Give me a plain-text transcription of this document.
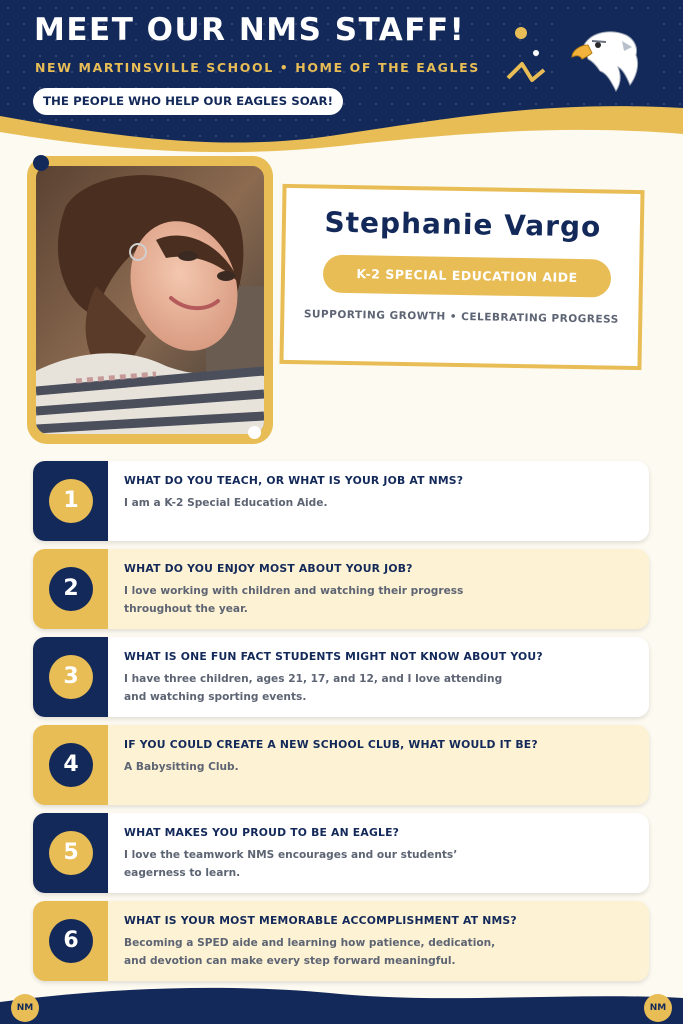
MEET OUR NMS STAFF!
NEW MARTINSVILLE SCHOOL • HOME OF THE EAGLES
THE PEOPLE WHO HELP OUR EAGLES SOAR!
Stephanie Vargo
K-2 SPECIAL EDUCATION AIDE
SUPPORTING GROWTH • CELEBRATING PROGRESS
1
WHAT DO YOU TEACH, OR WHAT IS YOUR JOB AT NMS?
I am a K-2 Special Education Aide.
2
WHAT DO YOU ENJOY MOST ABOUT YOUR JOB?
I love working with children and watching their progress throughout the year.
3
WHAT IS ONE FUN FACT STUDENTS MIGHT NOT KNOW ABOUT YOU?
I have three children, ages 21, 17, and 12, and I love attending and watching sporting events.
4
IF YOU COULD CREATE A NEW SCHOOL CLUB, WHAT WOULD IT BE?
A Babysitting Club.
5
WHAT MAKES YOU PROUD TO BE AN EAGLE?
I love the teamwork NMS encourages and our students’ eagerness to learn.
6
WHAT IS YOUR MOST MEMORABLE ACCOMPLISHMENT AT NMS?
Becoming a SPED aide and learning how patience, dedication, and devotion can make every step forward meaningful.
NM	NM
